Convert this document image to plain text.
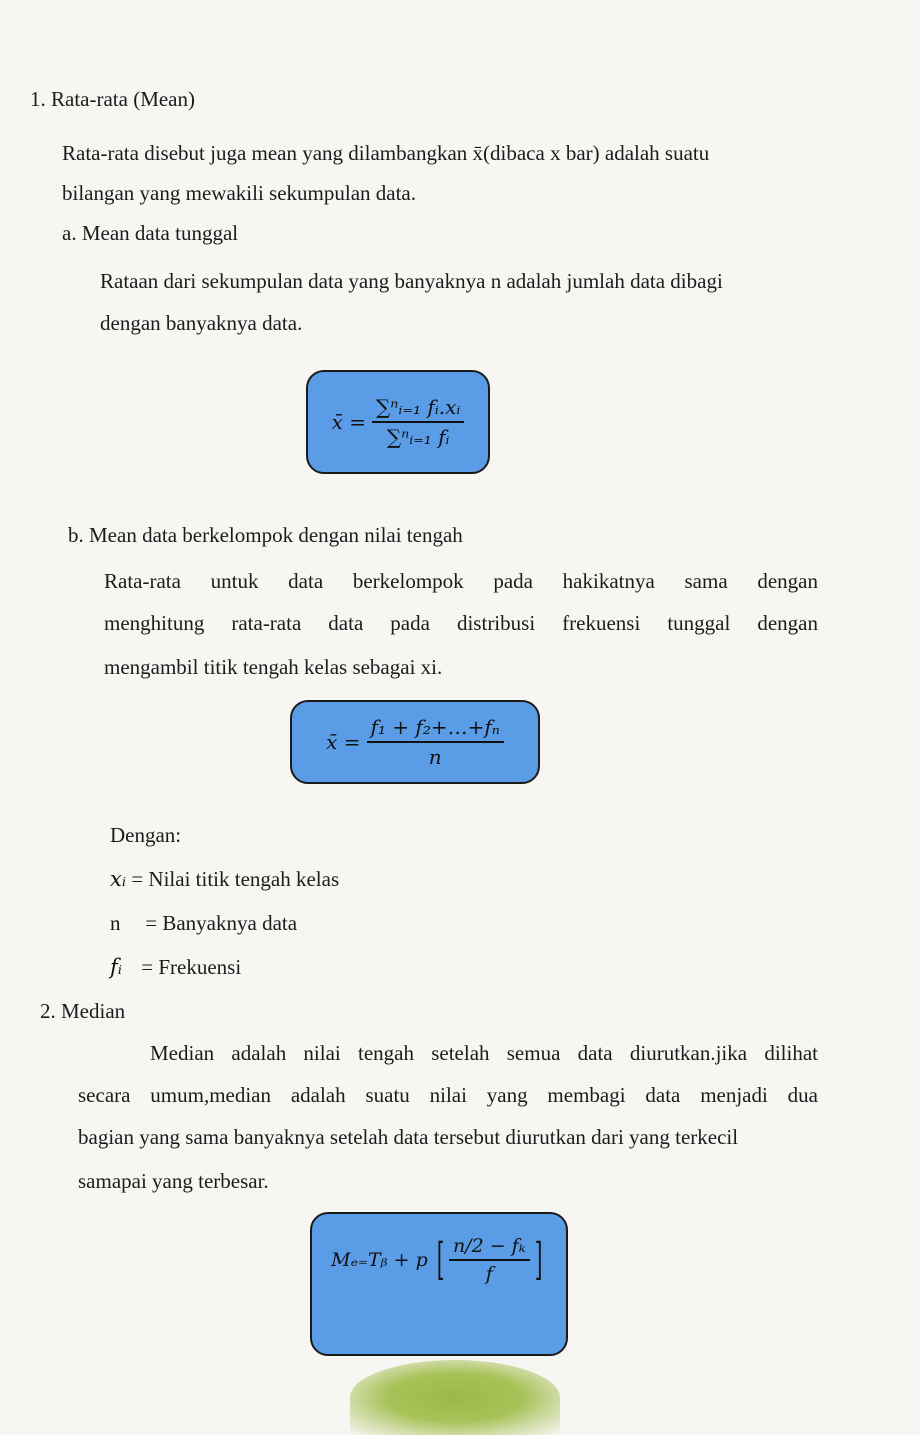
1. Rata-rata (Mean)
Rata-rata disebut juga mean yang dilambangkan x̄(dibaca x bar) adalah suatu
bilangan yang mewakili sekumpulan data.
a. Mean data tunggal
Rataan dari sekumpulan data yang banyaknya n adalah jumlah data dibagi
dengan banyaknya data.
x̄ = $\frac{\text{∑ⁿᵢ₌₁ fᵢ.xᵢ}}{\text{∑ⁿᵢ₌₁ fᵢ}}$
b. Mean data berkelompok dengan nilai tengah
Rata-rata untuk data berkelompok pada hakikatnya sama dengan
menghitung rata-rata data pada distribusi frekuensi tunggal dengan
mengambil titik tengah kelas sebagai xi.
x̄ = $\frac{\text{f₁ + f₂+…+fₙ}}{n}$
Dengan:
xᵢ = Nilai titik tengah kelas
n = Banyaknya data
fᵢ = Frekuensi
2. Median
Median adalah nilai tengah setelah semua data diurutkan.jika dilihat
secara umum,median adalah suatu nilai yang membagi data menjadi dua
bagian yang sama banyaknya setelah data tersebut diurutkan dari yang terkecil
samapai yang terbesar.
Mₑ₌Tᵦ + p [ $\frac{\text{n/2 − fₖ}}{f}$ ]
